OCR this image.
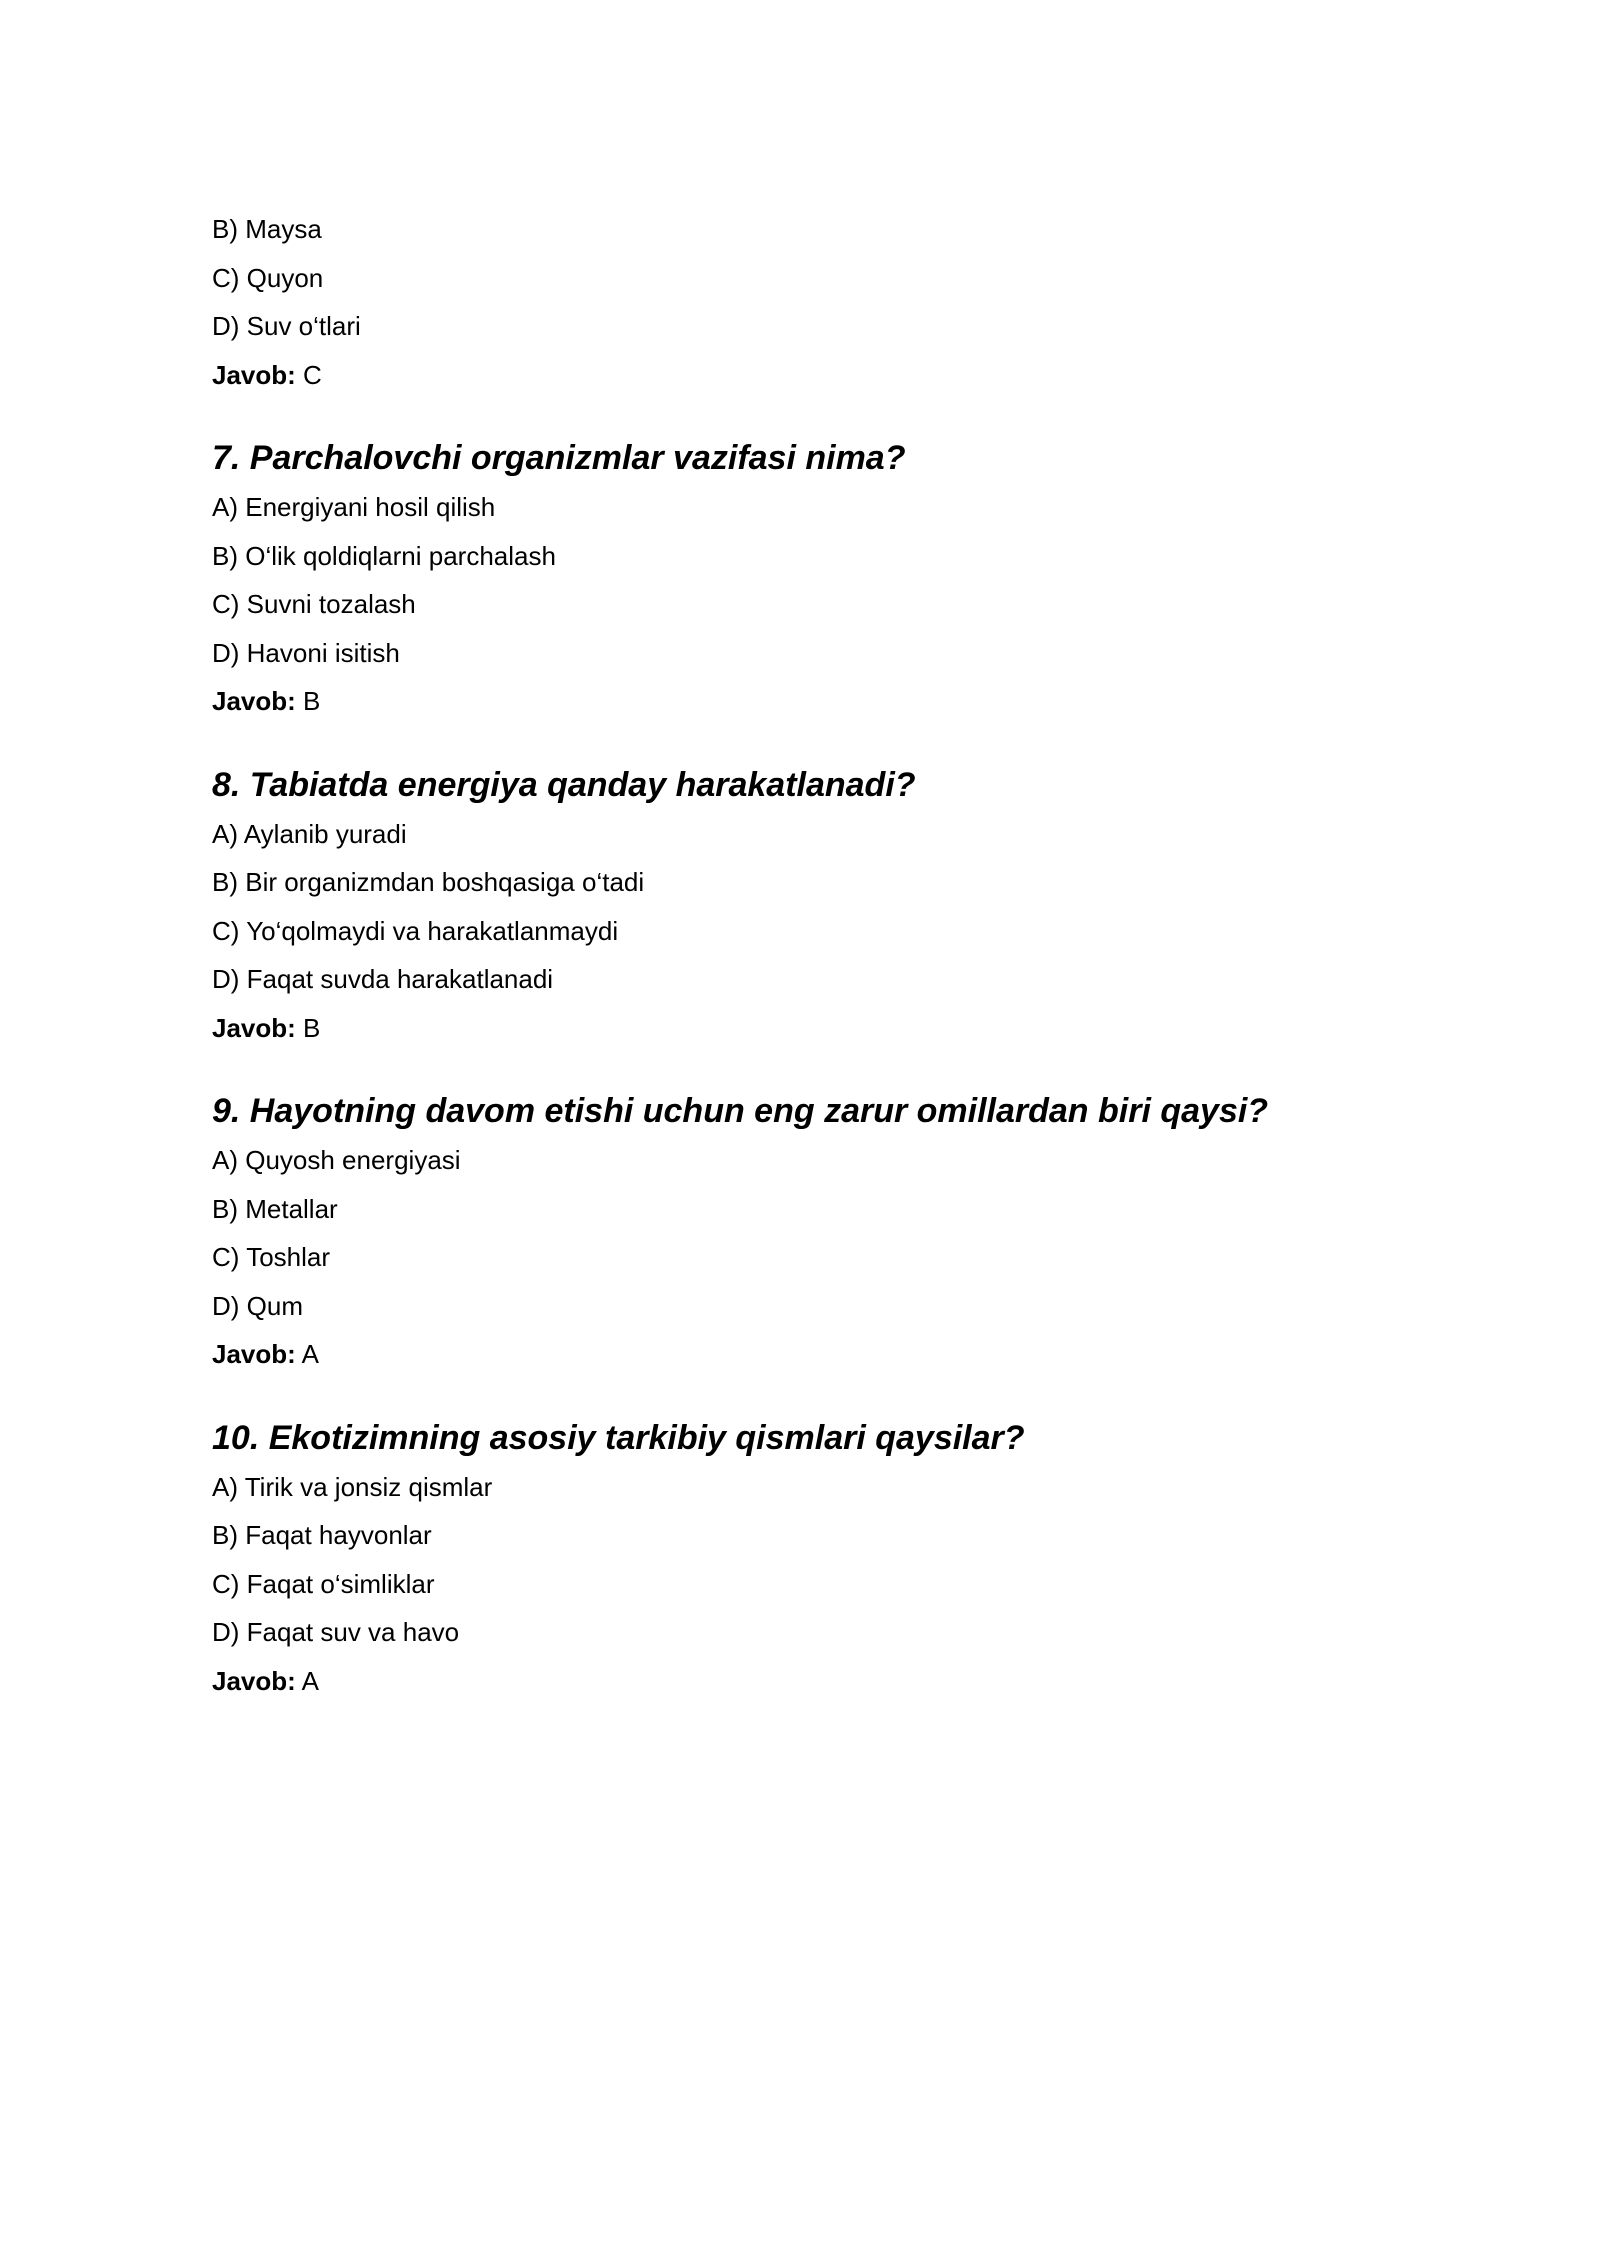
B) Maysa
C) Quyon
D) Suv o‘tlari
Javob: C
7. Parchalovchi organizmlar vazifasi nima?
A) Energiyani hosil qilish
B) O‘lik qoldiqlarni parchalash
C) Suvni tozalash
D) Havoni isitish
Javob: B
8. Tabiatda energiya qanday harakatlanadi?
A) Aylanib yuradi
B) Bir organizmdan boshqasiga o‘tadi
C) Yo‘qolmaydi va harakatlanmaydi
D) Faqat suvda harakatlanadi
Javob: B
9. Hayotning davom etishi uchun eng zarur omillardan biri qaysi?
A) Quyosh energiyasi
B) Metallar
C) Toshlar
D) Qum
Javob: A
10. Ekotizimning asosiy tarkibiy qismlari qaysilar?
A) Tirik va jonsiz qismlar
B) Faqat hayvonlar
C) Faqat o‘simliklar
D) Faqat suv va havo
Javob: A
